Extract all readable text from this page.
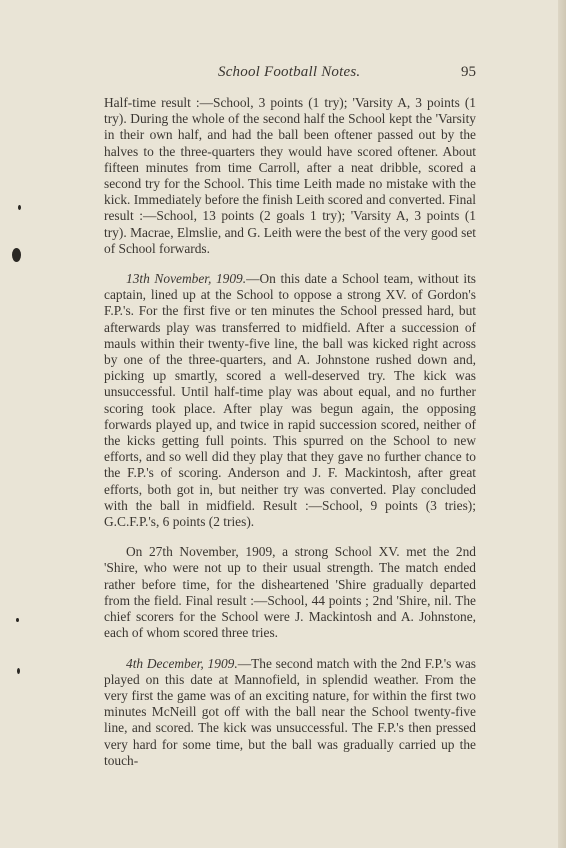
School Football Notes.	95

Half-time result :—School, 3 points (1 try); 'Varsity A, 3 points (1 try). During the whole of the second half the School kept the 'Varsity in their own half, and had the ball been oftener passed out by the halves to the three-quarters they would have scored oftener. About fifteen minutes from time Carroll, after a neat dribble, scored a second try for the School. This time Leith made no mistake with the kick. Immediately before the finish Leith scored and converted. Final result :—School, 13 points (2 goals 1 try); 'Varsity A, 3 points (1 try). Macrae, Elmslie, and G. Leith were the best of the very good set of School forwards.

13th November, 1909.—On this date a School team, without its captain, lined up at the School to oppose a strong XV. of Gordon's F.P.'s. For the first five or ten minutes the School pressed hard, but afterwards play was transferred to midfield. After a succession of mauls within their twenty-five line, the ball was kicked right across by one of the three-quarters, and A. Johnstone rushed down and, picking up smartly, scored a well-deserved try. The kick was unsuccessful. Until half-time play was about equal, and no further scoring took place. After play was begun again, the opposing forwards played up, and twice in rapid succession scored, neither of the kicks getting full points. This spurred on the School to new efforts, and so well did they play that they gave no further chance to the F.P.'s of scoring. Anderson and J. F. Mackintosh, after great efforts, both got in, but neither try was converted. Play concluded with the ball in midfield. Result :—School, 9 points (3 tries); G.C.F.P.'s, 6 points (2 tries).

On 27th November, 1909, a strong School XV. met the 2nd 'Shire, who were not up to their usual strength. The match ended rather before time, for the disheartened 'Shire gradually departed from the field. Final result :—School, 44 points ; 2nd 'Shire, nil. The chief scorers for the School were J. Mackintosh and A. Johnstone, each of whom scored three tries.

4th December, 1909.—The second match with the 2nd F.P.'s was played on this date at Mannofield, in splendid weather. From the very first the game was of an exciting nature, for within the first two minutes McNeill got off with the ball near the School twenty-five line, and scored. The kick was unsuccessful. The F.P.'s then pressed very hard for some time, but the ball was gradually carried up the touch-
